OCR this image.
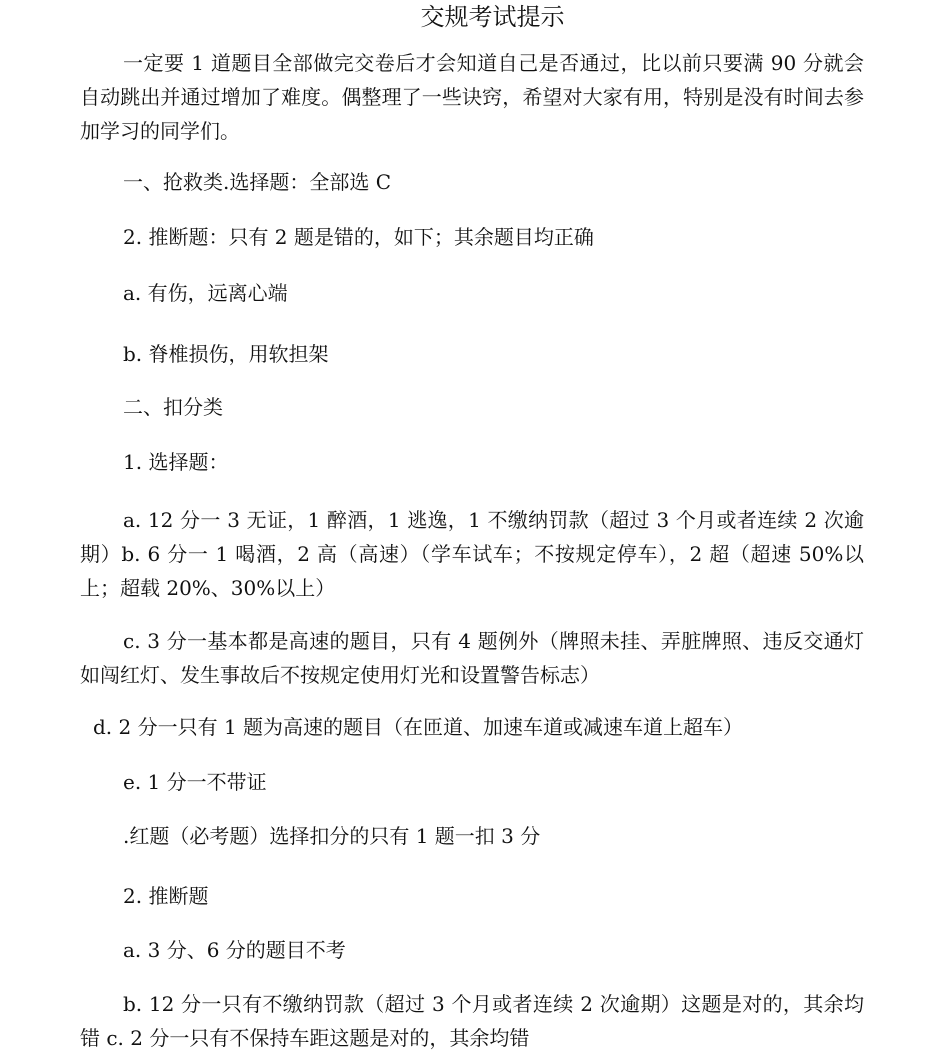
交规考试提示
一定要 1 道题目全部做完交卷后才会知道自己是否通过，比以前只要满 90 分就会自动跳出并通过增加了难度。偶整理了一些诀窍，希望对大家有用，特别是没有时间去参加学习的同学们。
一、抢救类.选择题：全部选 C
2. 推断题：只有 2 题是错的，如下；其余题目均正确
a. 有伤，远离心端
b. 脊椎损伤，用软担架
二、扣分类
1. 选择题：
a. 12 分一 3 无证，1 醉酒，1 逃逸，1 不缴纳罚款（超过 3 个月或者连续 2 次逾期）b. 6 分一 1 喝酒，2 高（高速）（学车试车；不按规定停车），2 超（超速 50%以上；超载 20%、30%以上）
c. 3 分一基本都是高速的题目，只有 4 题例外（牌照未挂、弄脏牌照、违反交通灯如闯红灯、发生事故后不按规定使用灯光和设置警告标志）
d. 2 分一只有 1 题为高速的题目（在匝道、加速车道或减速车道上超车）
e. 1 分一不带证
.红题（必考题）选择扣分的只有 1 题一扣 3 分
2. 推断题
a. 3 分、6 分的题目不考
b. 12 分一只有不缴纳罚款（超过 3 个月或者连续 2 次逾期）这题是对的，其余均错 c. 2 分一只有不保持车距这题是对的，其余均错
